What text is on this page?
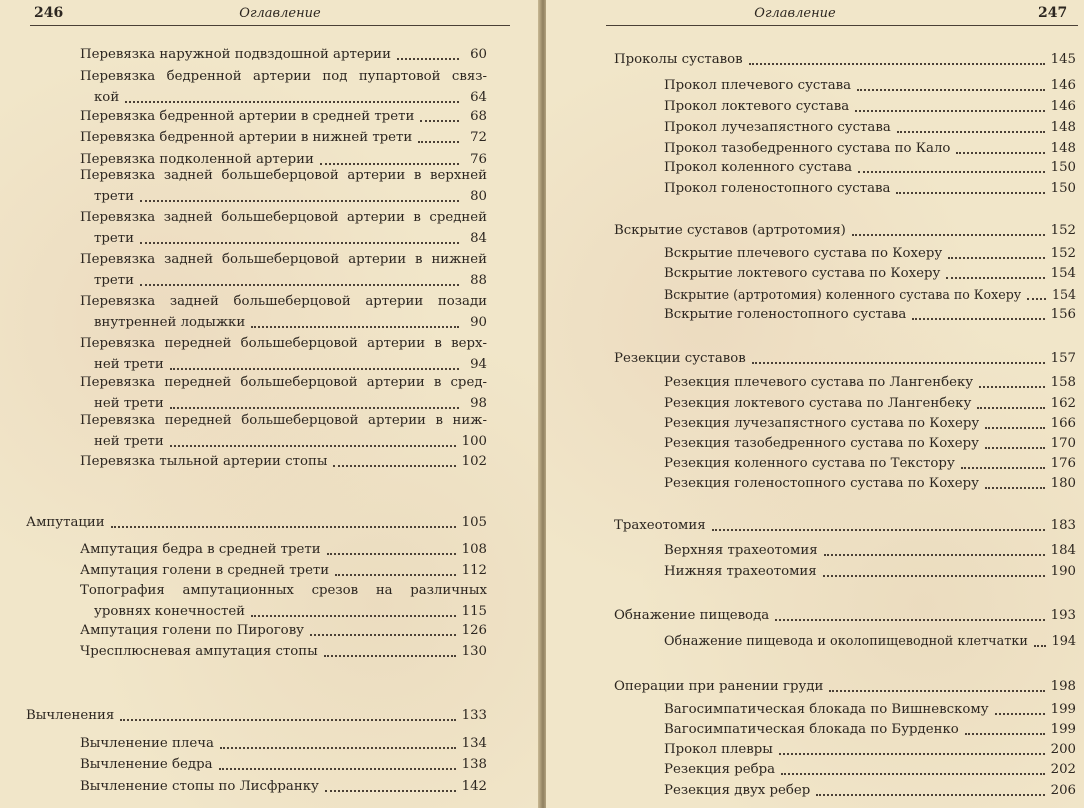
246	Оглавление
Перевязка наружной подвздошной артерии	60
Перевязка бедренной артерии под пупартовой связ-
кой	64
Перевязка бедренной артерии в средней трети	68
Перевязка бедренной артерии в нижней трети	72
Перевязка подколенной артерии	76
Перевязка задней большеберцовой артерии в верхней
трети	80
Перевязка задней большеберцовой артерии в средней
трети	84
Перевязка задней большеберцовой артерии в нижней
трети	88
Перевязка задней большеберцовой артерии позади
внутренней лодыжки	90
Перевязка передней большеберцовой артерии в верх-
ней трети	94
Перевязка передней большеберцовой артерии в сред-
ней трети	98
Перевязка передней большеберцовой артерии в ниж-
ней трети	100
Перевязка тыльной артерии стопы	102
Ампутации	105
Ампутация бедра в средней трети	108
Ампутация голени в средней трети	112
Топография ампутационных срезов на различных
уровнях конечностей	115
Ампутация голени по Пирогову	126
Чресплюсневая ампутация стопы	130
Вычленения	133
Вычленение плеча	134
Вычленение бедра	138
Вычленение стопы по Лисфранку	142
Оглавление	247
Проколы суставов	145
Прокол плечевого сустава	146
Прокол локтевого сустава	146
Прокол лучезапястного сустава	148
Прокол тазобедренного сустава по Кало	148
Прокол коленного сустава	150
Прокол голеностопного сустава	150
Вскрытие суставов (артротомия)	152
Вскрытие плечевого сустава по Кохеру	152
Вскрытие локтевого сустава по Кохеру	154
Вскрытие (артротомия) коленного сустава по Кохеру 154
Вскрытие голеностопного сустава	156
Резекции суставов	157
Резекция плечевого сустава по Лангенбеку	158
Резекция локтевого сустава по Лангенбеку	162
Резекция лучезапястного сустава по Кохеру	166
Резекция тазобедренного сустава по Кохеру	170
Резекция коленного сустава по Текстору	176
Резекция голеностопного сустава по Кохеру	180
Трахеотомия	183
Верхняя трахеотомия	184
Нижняя трахеотомия	190
Обнажение пищевода	193
Обнажение пищевода и околопищеводной клетчатки 194
Операции при ранении груди	198
Вагосимпатическая блокада по Вишневскому	199
Вагосимпатическая блокада по Бурденко	199
Прокол плевры	200
Резекция ребра	202
Резекция двух ребер	206
